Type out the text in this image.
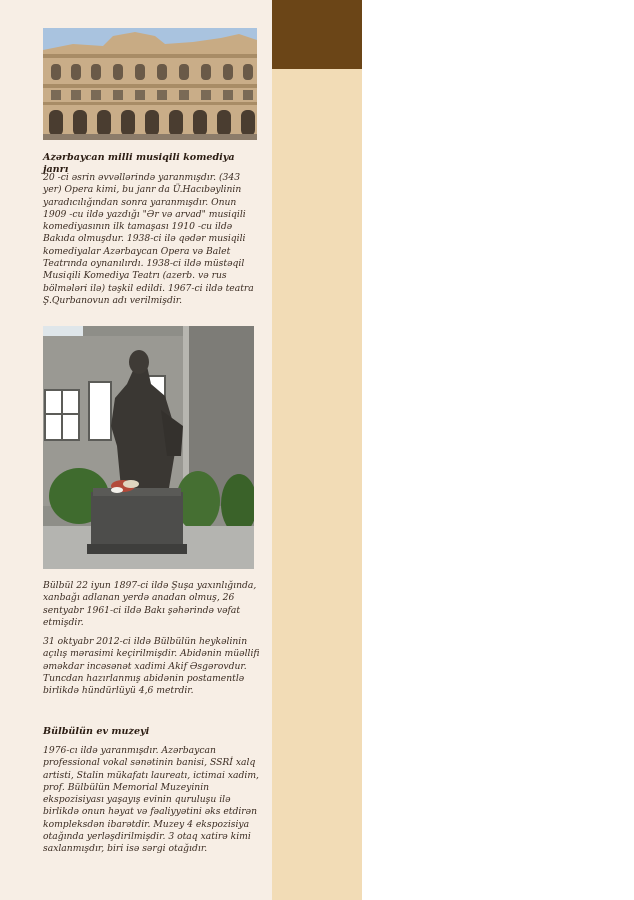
Azərbaycan milli musiqili komediya janrı

20 -ci əsrin əvvəllərində yaranmışdır. (343 yer) Opera kimi, bu janr da Ü.Hacıbəylinin yaradıcılığından sonra yaranmışdır. Onun 1909 -cu ildə yazdığı "Ər və arvad" musiqili komediyasının ilk tamaşası 1910 -cu ildə Bakıda olmuşdur. 1938-ci ilə qədər musiqili komediyalar Azərbaycan Opera və Balet Teatrında oynanılırdı. 1938-ci ildə müstəqil Musiqili Komediya Teatrı (azerb. və rus bölmələri ilə) təşkil edildi. 1967-ci ildə teatra Ş.Qurbanovun adı verilmişdir.

Bülbül 22 iyun 1897-ci ildə Şuşa yaxınlığında, xanbağı adlanan yerdə anadan olmuş, 26 sentyabr 1961-ci ildə Bakı şəhərində vəfat etmişdir.

31 oktyabr 2012-ci ildə Bülbülün heykəlinin açılış mərasimi keçirilmişdir. Abidənin müəllifi əməkdar incəsənət xadimi Akif Əsgərovdur. Tuncdan hazırlanmış abidənin postamentlə birlikdə hündürlüyü 4,6 metrdir.

Bülbülün ev muzeyi

1976-cı ildə yaranmışdır. Azərbaycan professional vokal sənətinin banisi, SSRİ xalq artisti, Stalin mükafatı laureatı, ictimai xadim, prof. Bülbülün Memorial Muzeyinin ekspozisiyası yaşayış evinin quruluşu ilə birlikdə onun həyat və fəaliyyətini əks etdirən kompleksdən ibarətdir. Muzey 4 ekspozisiya otağında yerləşdirilmişdir. 3 otaq xatirə kimi saxlanmışdır, biri isə sərgi otağıdır.
